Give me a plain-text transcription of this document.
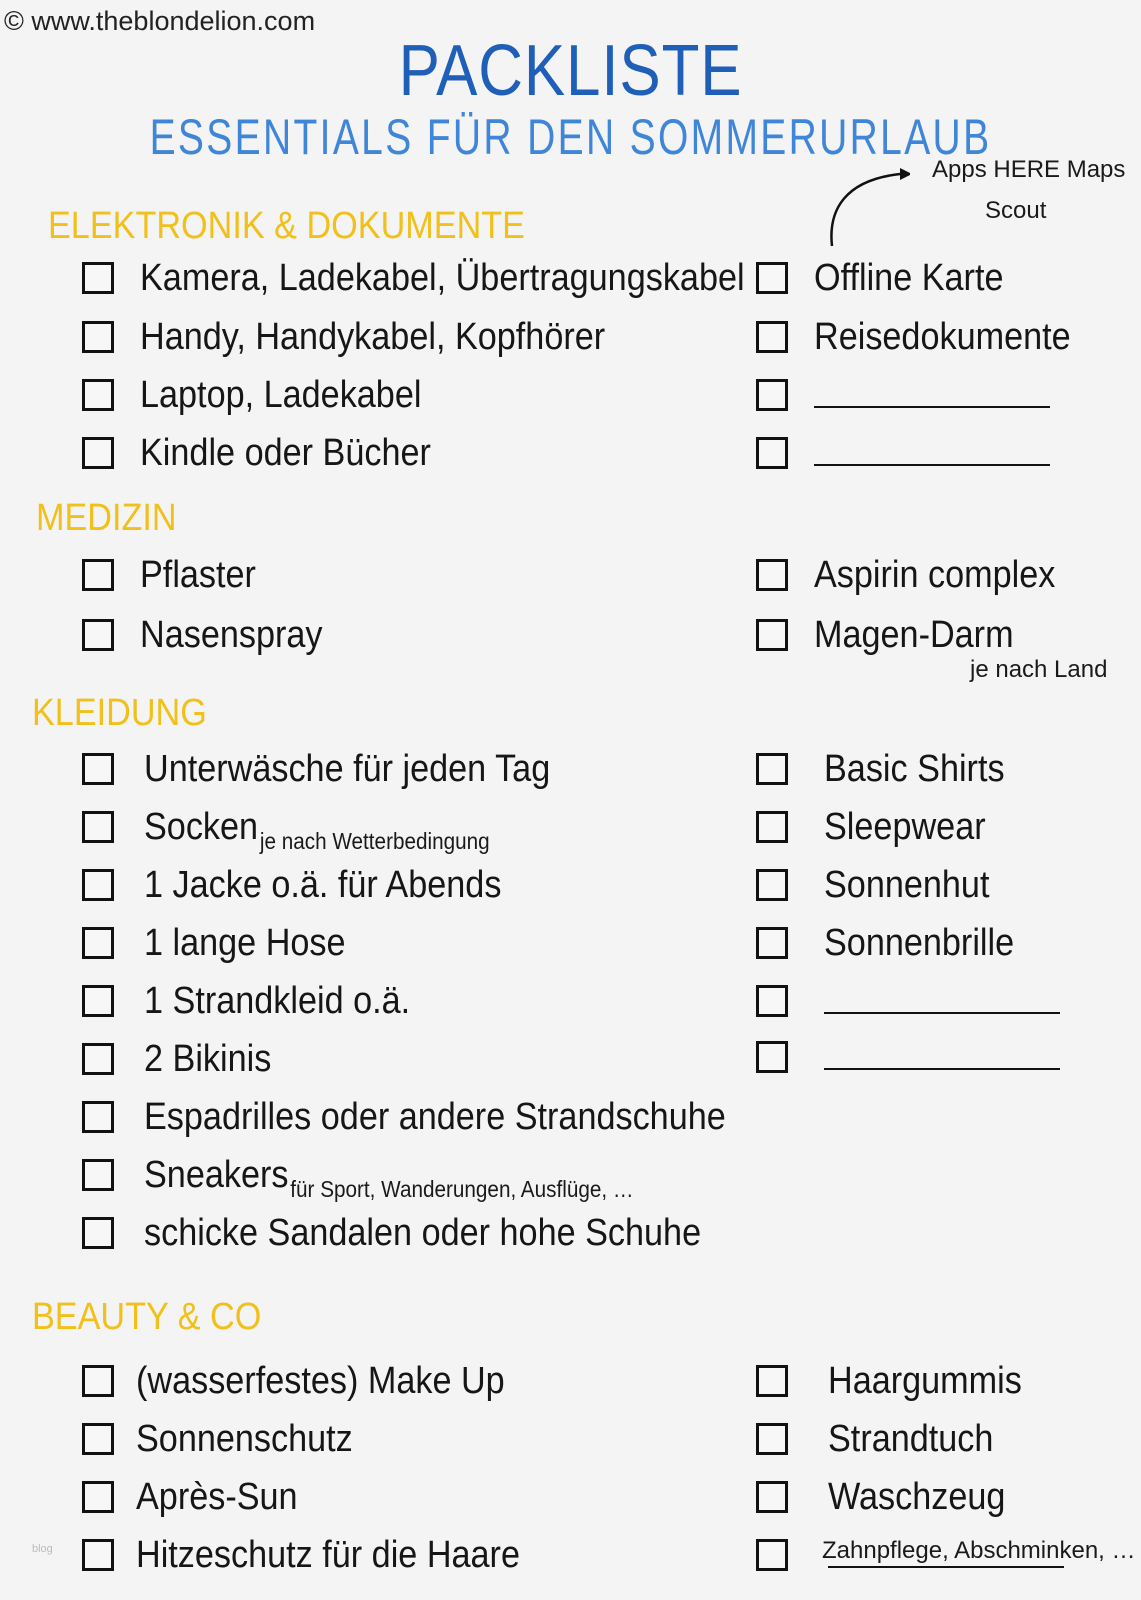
© www.theblondelion.com
PACKLISTE
ESSENTIALS FÜR DEN SOMMERURLAUB
Apps HERE Maps
Scout
ELEKTRONIK & DOKUMENTE
Kamera, Ladekabel, Übertragungskabel
Handy, Handykabel, Kopfhörer
Laptop, Ladekabel
Kindle oder Bücher
Offline Karte
Reisedokumente
MEDIZIN
Pflaster
Nasenspray
Aspirin complex
Magen-Darm
je nach Land
KLEIDUNG
Unterwäsche für jeden Tag
Socken$_{je nach Wetterbedingung}$
1 Jacke o.ä. für Abends
1 lange Hose
1 Strandkleid o.ä.
2 Bikinis
Espadrilles oder andere Strandschuhe
Sneakers$_{für Sport, Wanderungen, Ausflüge, \dots}$
schicke Sandalen oder hohe Schuhe
Basic Shirts
Sleepwear
Sonnenhut
Sonnenbrille
BEAUTY & CO
(wasserfestes) Make Up
Sonnenschutz
Après-Sun
Hitzeschutz für die Haare
Haargummis
Strandtuch
Waschzeug
Zahnpflege, Abschminken, …
blog
